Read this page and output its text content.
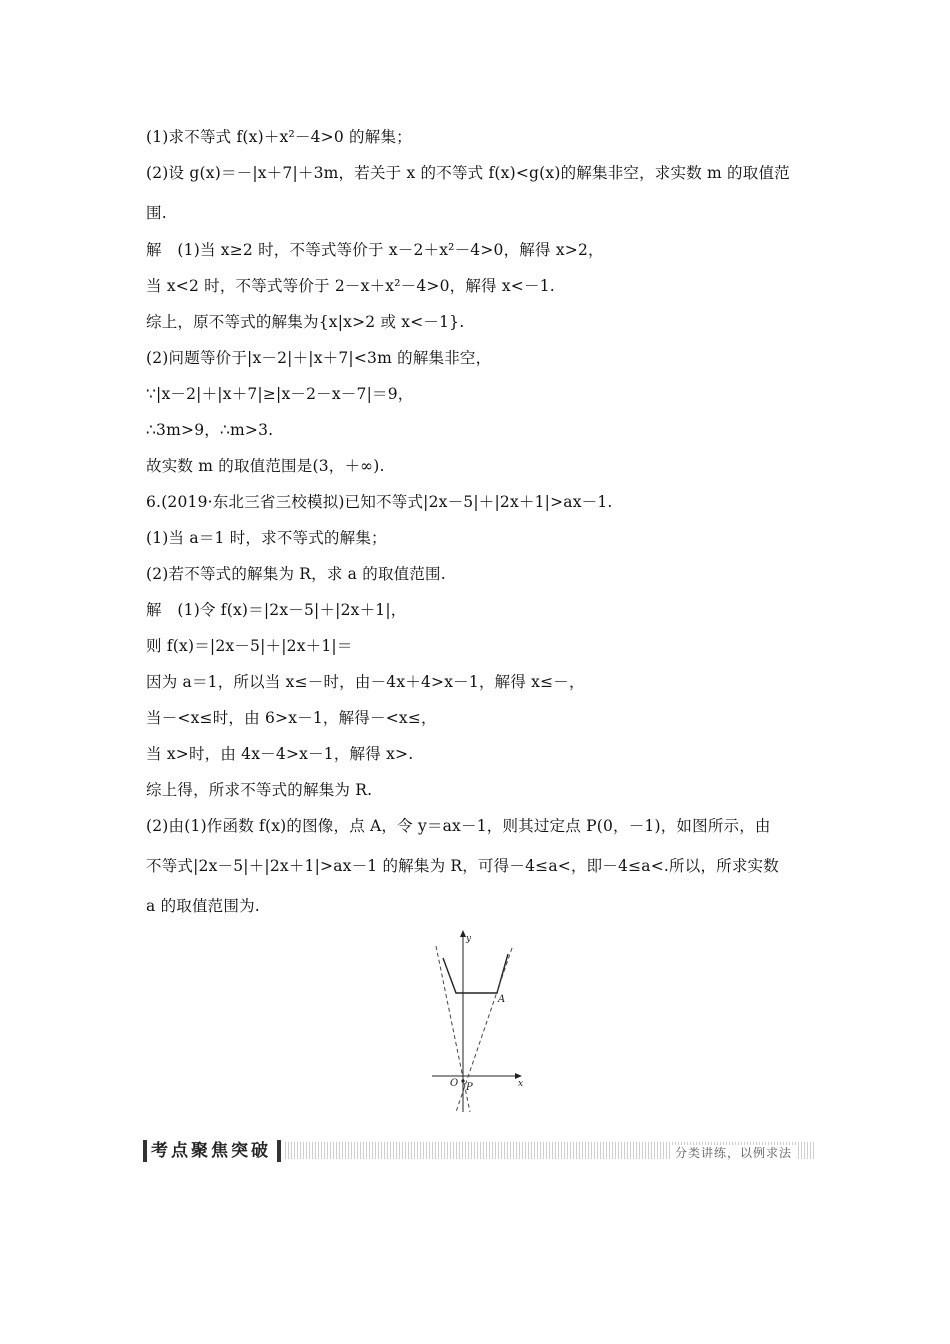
(1)求不等式 f(x)＋x²－4>0 的解集；
(2)设 g(x)＝－|x＋7|＋3m，若关于 x 的不等式 f(x)<g(x)的解集非空，求实数 m 的取值范
围.
解　(1)当 x≥2 时，不等式等价于 x－2＋x²－4>0，解得 x>2，
当 x<2 时，不等式等价于 2－x＋x²－4>0，解得 x<－1.
综上，原不等式的解集为{x|x>2 或 x<－1}.
(2)问题等价于|x－2|＋|x＋7|<3m 的解集非空，
∵|x－2|＋|x＋7|≥|x－2－x－7|＝9，
∴3m>9，∴m>3.
故实数 m 的取值范围是(3，＋∞).
6.(2019·东北三省三校模拟)已知不等式|2x－5|＋|2x＋1|>ax－1.
(1)当 a＝1 时，求不等式的解集；
(2)若不等式的解集为 R，求 a 的取值范围.
解　(1)令 f(x)＝|2x－5|＋|2x＋1|，
则 f(x)＝|2x－5|＋|2x＋1|＝
因为 a＝1，所以当 x≤－时，由－4x＋4>x－1，解得 x≤－，
当－<x≤时，由 6>x－1，解得－<x≤，
当 x>时，由 4x－4>x－1，解得 x>.
综上得，所求不等式的解集为 R.
(2)由(1)作函数 f(x)的图像，点 A，令 y＝ax－1，则其过定点 P(0，－1)，如图所示，由
不等式|2x－5|＋|2x＋1|>ax－1 的解集为 R，可得－4≤a<，即－4≤a<.所以，所求实数
a 的取值范围为.
y
x
O
A
P
考点聚焦突破	分类讲练，以例求法
